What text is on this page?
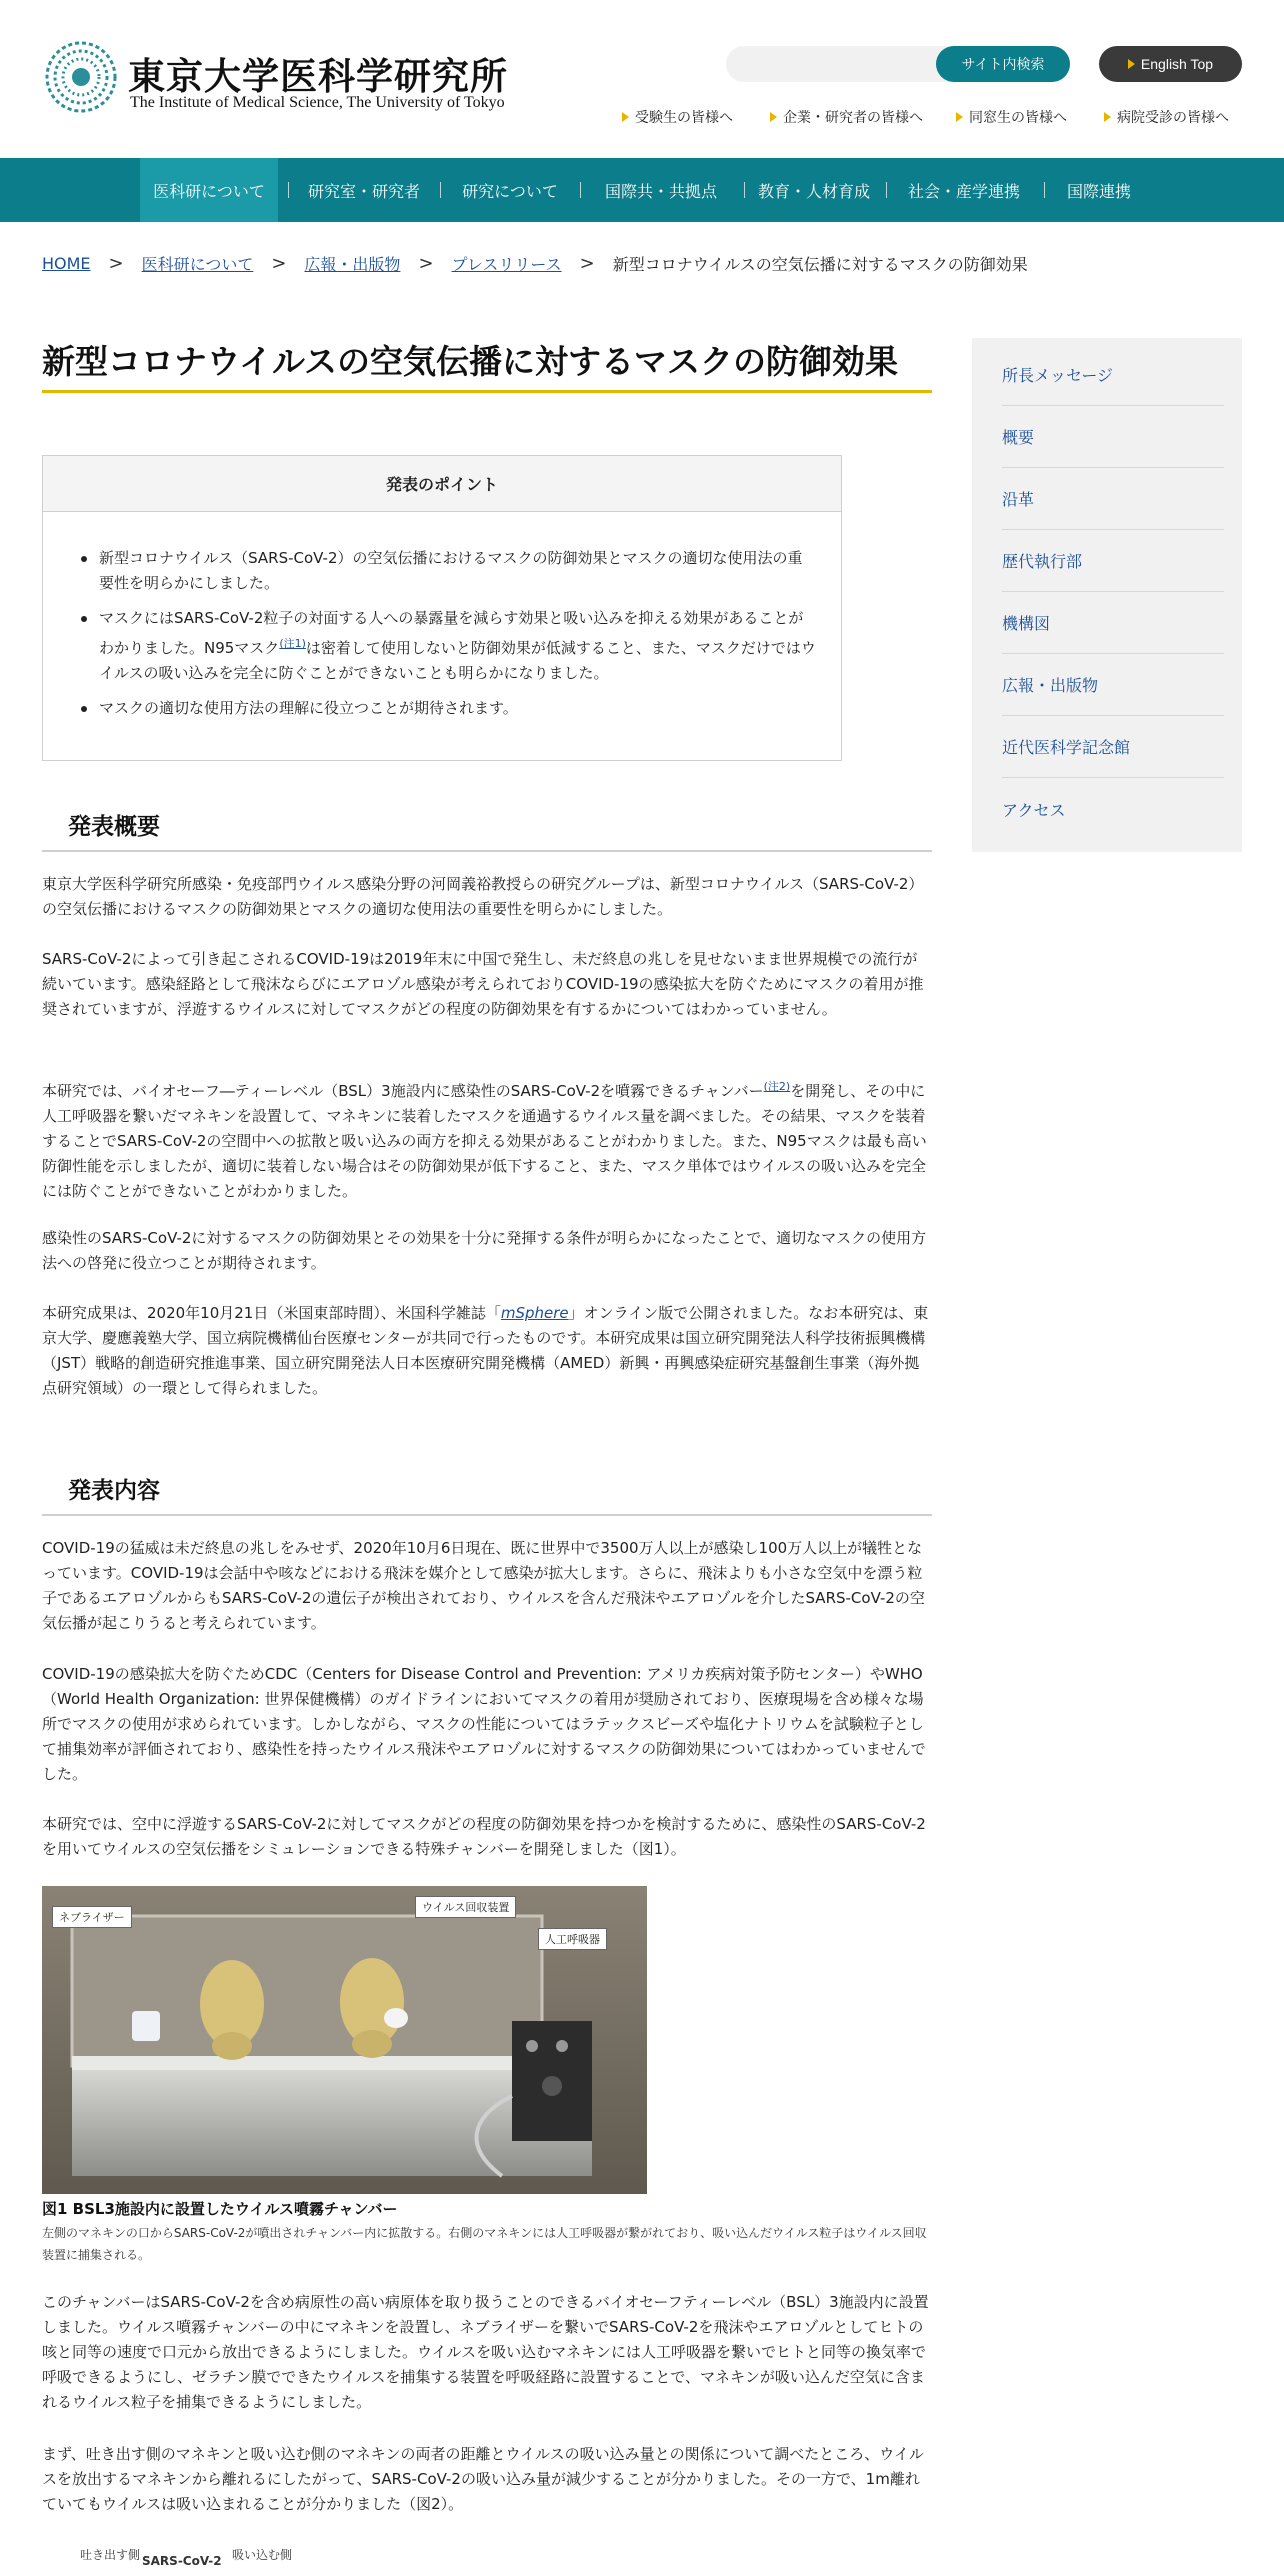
東京大学医科学研究所
The Institute of Medical Science, The University of Tokyo
サイト内検索	English Top
受験生の皆様へ	企業・研究者の皆様へ	同窓生の皆様へ	病院受診の皆様へ
医科研について	研究室・研究者	研究について	国際共・共拠点	教育・人材育成	社会・産学連携	国際連携
HOME > 医科研について > 広報・出版物 > プレスリリース > 新型コロナウイルスの空気伝播に対するマスクの防御効果
新型コロナウイルスの空気伝播に対するマスクの防御効果
発表のポイント
新型コロナウイルス（SARS-CoV-2）の空気伝播におけるマスクの防御効果とマスクの適切な使用法の重要性を明らかにしました。
マスクにはSARS-CoV-2粒子の対面する人への暴露量を減らす効果と吸い込みを抑える効果があることがわかりました。N95マスク$^{(注1)}$は密着して使用しないと防御効果が低減すること、また、マスクだけではウイルスの吸い込みを完全に防ぐことができないことも明らかになりました。
マスクの適切な使用方法の理解に役立つことが期待されます。
発表概要

東京大学医科学研究所感染・免疫部門ウイルス感染分野の河岡義裕教授らの研究グループは、新型コロナウイルス（SARS-CoV-2）の空気伝播におけるマスクの防御効果とマスクの適切な使用法の重要性を明らかにしました。

SARS-CoV-2によって引き起こされるCOVID-19は2019年末に中国で発生し、未だ終息の兆しを見せないまま世界規模での流行が続いています。感染経路として飛沫ならびにエアロゾル感染が考えられておりCOVID-19の感染拡大を防ぐためにマスクの着用が推奨されていますが、浮遊するウイルスに対してマスクがどの程度の防御効果を有するかについてはわかっていません。

本研究では、バイオセーフ―ティーレベル（BSL）3施設内に感染性のSARS-CoV-2を噴霧できるチャンバー$^{(注2)}$を開発し、その中に人工呼吸器を繋いだマネキンを設置して、マネキンに装着したマスクを通過するウイルス量を調べました。その結果、マスクを装着することでSARS-CoV-2の空間中への拡散と吸い込みの両方を抑える効果があることがわかりました。また、N95マスクは最も高い防御性能を示しましたが、適切に装着しない場合はその防御効果が低下すること、また、マスク単体ではウイルスの吸い込みを完全には防ぐことができないことがわかりました。

感染性のSARS-CoV-2に対するマスクの防御効果とその効果を十分に発揮する条件が明らかになったことで、適切なマスクの使用方法への啓発に役立つことが期待されます。

本研究成果は、2020年10月21日（米国東部時間）、米国科学雑誌「mSphere」オンライン版で公開されました。なお本研究は、東京大学、慶應義塾大学、国立病院機構仙台医療センターが共同で行ったものです。本研究成果は国立研究開発法人科学技術振興機構（JST）戦略的創造研究推進事業、国立研究開発法人日本医療研究開発機構（AMED）新興・再興感染症研究基盤創生事業（海外拠点研究領域）の一環として得られました。

発表内容

COVID-19の猛威は未だ終息の兆しをみせず、2020年10月6日現在、既に世界中で3500万人以上が感染し100万人以上が犠牲となっています。COVID-19は会話中や咳などにおける飛沫を媒介として感染が拡大します。さらに、飛沫よりも小さな空気中を漂う粒子であるエアロゾルからもSARS-CoV-2の遺伝子が検出されており、ウイルスを含んだ飛沫やエアロゾルを介したSARS-CoV-2の空気伝播が起こりうると考えられています。

COVID-19の感染拡大を防ぐためCDC（Centers for Disease Control and Prevention: アメリカ疾病対策予防センター）やWHO（World Health Organization: 世界保健機構）のガイドラインにおいてマスクの着用が奨励されており、医療現場を含め様々な場所でマスクの使用が求められています。しかしながら、マスクの性能についてはラテックスビーズや塩化ナトリウムを試験粒子として捕集効率が評価されており、感染性を持ったウイルス飛沫やエアロゾルに対するマスクの防御効果についてはわかっていませんでした。

本研究では、空中に浮遊するSARS-CoV-2に対してマスクがどの程度の防御効果を持つかを検討するために、感染性のSARS-CoV-2を用いてウイルスの空気伝播をシミュレーションできる特殊チャンバーを開発しました（図1）。

ネブライザー
ウイルス回収装置
人工呼吸器
図1 BSL3施設内に設置したウイルス噴霧チャンバー
左側のマネキンの口からSARS-CoV-2が噴出されチャンバー内に拡散する。右側のマネキンには人工呼吸器が繋がれており、吸い込んだウイルス粒子はウイルス回収装置に捕集される。

このチャンバーはSARS-CoV-2を含め病原性の高い病原体を取り扱うことのできるバイオセーフティーレベル（BSL）3施設内に設置しました。ウイルス噴霧チャンバーの中にマネキンを設置し、ネブライザーを繋いでSARS-CoV-2を飛沫やエアロゾルとしてヒトの咳と同等の速度で口元から放出できるようにしました。ウイルスを吸い込むマネキンには人工呼吸器を繋いでヒトと同等の換気率で呼吸できるようにし、ゼラチン膜でできたウイルスを捕集する装置を呼吸経路に設置することで、マネキンが吸い込んだ空気に含まれるウイルス粒子を捕集できるようにしました。

まず、吐き出す側のマネキンと吸い込む側のマネキンの両者の距離とウイルスの吸い込み量との関係について調べたところ、ウイルスを放出するマネキンから離れるにしたがって、SARS-CoV-2の吸い込み量が減少することが分かりました。その一方で、1m離れていてもウイルスは吸い込まれることが分かりました（図2）。

吐き出す側 SARS-CoV-2 吸い込む側
所長メッセージ
概要
沿革
歴代執行部
機構図
広報・出版物
近代医科学記念館
アクセス
